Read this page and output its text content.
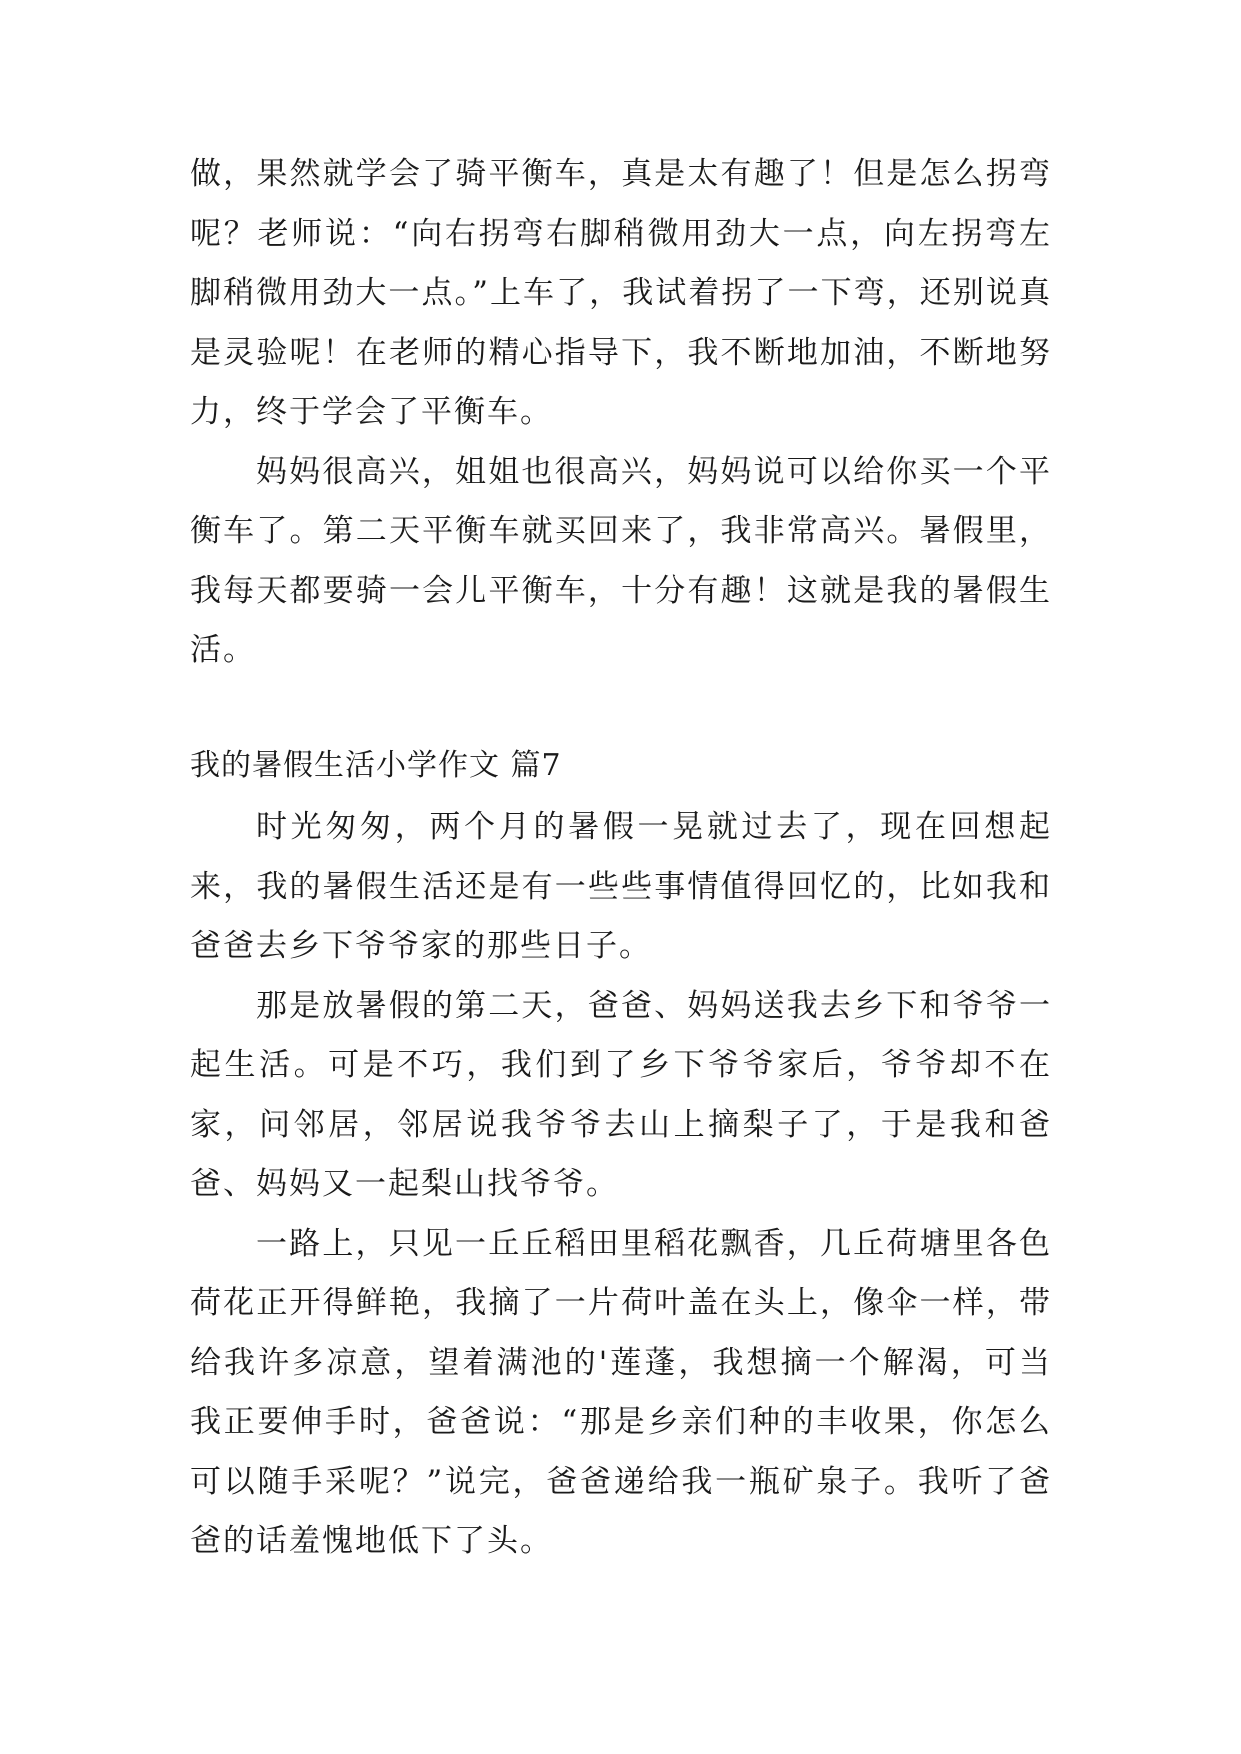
做，果然就学会了骑平衡车，真是太有趣了！但是怎么拐弯呢？老师说：“向右拐弯右脚稍微用劲大一点，向左拐弯左脚稍微用劲大一点。”上车了，我试着拐了一下弯，还别说真是灵验呢！在老师的精心指导下，我不断地加油，不断地努力，终于学会了平衡车。

妈妈很高兴，姐姐也很高兴，妈妈说可以给你买一个平衡车了。第二天平衡车就买回来了，我非常高兴。暑假里，我每天都要骑一会儿平衡车，十分有趣！这就是我的暑假生活。

我的暑假生活小学作文 篇7

时光匆匆，两个月的暑假一晃就过去了，现在回想起来，我的暑假生活还是有一些些事情值得回忆的，比如我和爸爸去乡下爷爷家的那些日子。

那是放暑假的第二天，爸爸、妈妈送我去乡下和爷爷一起生活。可是不巧，我们到了乡下爷爷家后，爷爷却不在家，问邻居，邻居说我爷爷去山上摘梨子了，于是我和爸爸、妈妈又一起梨山找爷爷。

一路上，只见一丘丘稻田里稻花飘香，几丘荷塘里各色荷花正开得鲜艳，我摘了一片荷叶盖在头上，像伞一样，带给我许多凉意，望着满池的'莲蓬，我想摘一个解渴，可当我正要伸手时，爸爸说：“那是乡亲们种的丰收果，你怎么可以随手采呢？”说完，爸爸递给我一瓶矿泉子。我听了爸爸的话羞愧地低下了头。
